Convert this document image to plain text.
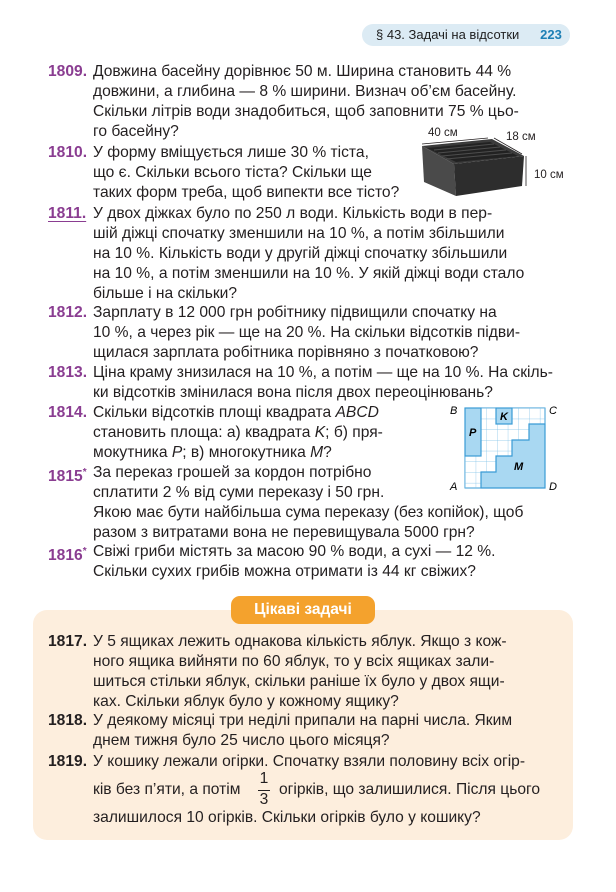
§ 43. Задачі на відсотки	223
1809. Довжина басейну дорівнює 50 м. Ширина становить 44 %
довжини, а глибина — 8 % ширини. Визнач об’єм басейну.
Скільки літрів води знадобиться, щоб заповнити 75 % цьо-
го басейну?
1810. У форму вміщується лише 30 % тіста,
що є. Скільки всього тіста? Скільки ще
таких форм треба, щоб випекти все тісто?
40 см	18 см
10 см
1811. У двох діжках було по 250 л води. Кількість води в пер-
шій діжці спочатку зменшили на 10 %, а потім збільшили
на 10 %. Кількість води у другій діжці спочатку збільшили
на 10 %, а потім зменшили на 10 %. У якій діжці води стало
більше і на скільки?
1812. Зарплату в 12 000 грн робітнику підвищили спочатку на
10 %, а через рік — ще на 20 %. На скільки відсотків підви-
щилася зарплата робітника порівняно з початковою?
1813. Ціна краму знизилася на 10 %, а потім — ще на 10 %. На скіль-
ки відсотків змінилася вона після двох переоцінювань?
1814. Скільки відсотків площі квадрата ABCD
становить площа: а) квадрата K; б) пря-
мокутника P; в) многокутника M?
B	C
A	D
K
P
M
1815* За переказ грошей за кордон потрібно
сплатити 2 % від суми переказу і 50 грн.
Якою має бути найбільша сума переказу (без копійок), щоб
разом з витратами вона не перевищувала 5000 грн?
1816* Свіжі гриби містять за масою 90 % води, а сухі — 12 %.
Скільки сухих грибів можна отримати із 44 кг свіжих?
Цікаві задачі
1817. У 5 ящиках лежить однакова кількість яблук. Якщо з кож-
ного ящика вийняти по 60 яблук, то у всіх ящиках зали-
шиться стільки яблук, скільки раніше їх було у двох ящи-
ках. Скільки яблук було у кожному ящику?
1818. У деякому місяці три неділі припали на парні числа. Яким
днем тижня було 25 число цього місяця?
1819. У кошику лежали огірки. Спочатку взяли половину всіх огір-
ків без п’яти, а потім
1
3
огірків, що залишилися. Після цього
залишилося 10 огірків. Скільки огірків було у кошику?
